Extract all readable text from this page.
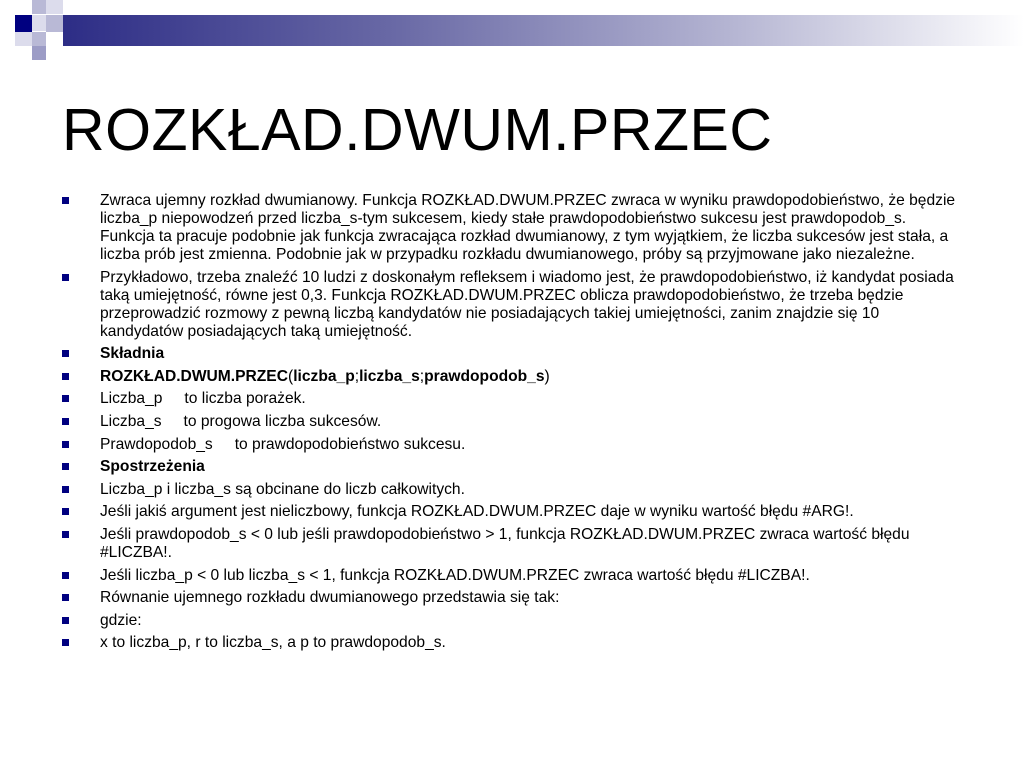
ROZKŁAD.DWUM.PRZEC
Zwraca ujemny rozkład dwumianowy. Funkcja ROZKŁAD.DWUM.PRZEC zwraca w wyniku prawdopodobieństwo, że będzie liczba_p niepowodzeń przed liczba_s-tym sukcesem, kiedy stałe prawdopodobieństwo sukcesu jest prawdopodob_s. Funkcja ta pracuje podobnie jak funkcja zwracająca rozkład dwumianowy, z tym wyjątkiem, że liczba sukcesów jest stała, a liczba prób jest zmienna. Podobnie jak w przypadku rozkładu dwumianowego, próby są przyjmowane jako niezależne.
Przykładowo, trzeba znaleźć 10 ludzi z doskonałym refleksem i wiadomo jest, że prawdopodobieństwo, iż kandydat posiada taką umiejętność, równe jest 0,3. Funkcja ROZKŁAD.DWUM.PRZEC oblicza prawdopodobieństwo, że trzeba będzie przeprowadzić rozmowy z pewną liczbą kandydatów nie posiadających takiej umiejętności, zanim znajdzie się 10 kandydatów posiadających taką umiejętność.
Składnia
ROZKŁAD.DWUM.PRZEC(liczba_p;liczba_s;prawdopodob_s)
Liczba_p to liczba porażek.
Liczba_s to progowa liczba sukcesów.
Prawdopodob_s to prawdopodobieństwo sukcesu.
Spostrzeżenia
Liczba_p i liczba_s są obcinane do liczb całkowitych.
Jeśli jakiś argument jest nieliczbowy, funkcja ROZKŁAD.DWUM.PRZEC daje w wyniku wartość błędu #ARG!.
Jeśli prawdopodob_s < 0 lub jeśli prawdopodobieństwo > 1, funkcja ROZKŁAD.DWUM.PRZEC zwraca wartość błędu #LICZBA!.
Jeśli liczba_p < 0 lub liczba_s < 1, funkcja ROZKŁAD.DWUM.PRZEC zwraca wartość błędu #LICZBA!.
Równanie ujemnego rozkładu dwumianowego przedstawia się tak:
gdzie:
x to liczba_p, r to liczba_s, a p to prawdopodob_s.
